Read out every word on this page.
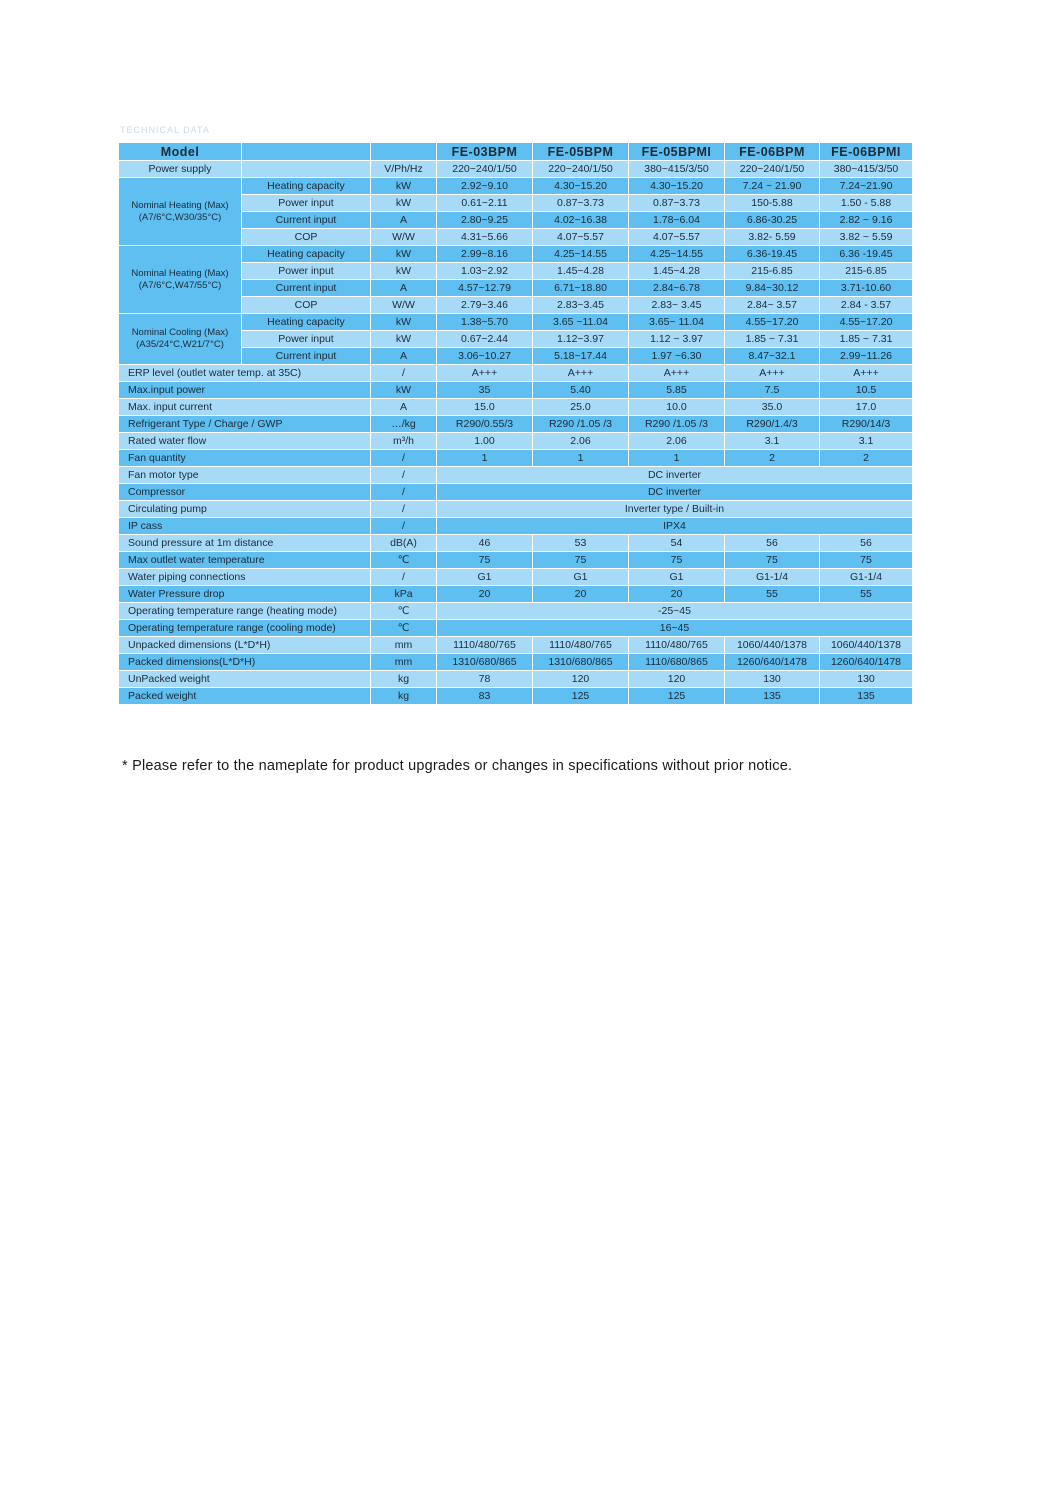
TECHNICAL DATA
Model			FE-03BPM	FE-05BPM	FE-05BPMI	FE-06BPM	FE-06BPMI
Power supply		V/Ph/Hz	220~240/1/50	220~240/1/50	380~415/3/50	220~240/1/50	380~415/3/50
Nominal Heating (Max) (A7/6°C,W30/35°C)	Heating capacity	kW	2.92~9.10	4.30~15.20	4.30~15.20	7.24 ~ 21.90	7.24~21.90
	Power input	kW	0.61~2.11	0.87~3.73	0.87~3.73	150-5.88	1.50 - 5.88
	Current input	A	2.80~9.25	4.02~16.38	1.78~6.04	6.86-30.25	2.82 ~ 9.16
	COP	W/W	4.31~5.66	4.07~5.57	4.07~5.57	3.82- 5.59	3.82 ~ 5.59
Nominal Heating (Max) (A7/6°C,W47/55°C)	Heating capacity	kW	2.99~8.16	4.25~14.55	4.25~14.55	6.36-19.45	6.36 -19.45
	Power input	kW	1.03~2.92	1.45~4.28	1.45~4.28	215-6.85	215-6.85
	Current input	A	4.57~12.79	6.71~18.80	2.84~6.78	9.84~30.12	3.71-10.60
	COP	W/W	2.79~3.46	2.83~3.45	2.83~ 3.45	2.84~ 3.57	2.84 - 3.57
Nominal Cooling (Max) (A35/24°C,W21/7°C)	Heating capacity	kW	1.38~5.70	3.65 ~11.04	3.65~ 11.04	4.55~17.20	4.55~17.20
	Power input	kW	0.67~2.44	1.12~3.97	1.12 ~ 3.97	1.85 ~ 7.31	1.85 ~ 7.31
	Current input	A	3.06~10.27	5.18~17.44	1.97 ~6.30	8.47~32.1	2.99~11.26
ERP level (outlet water temp. at 35C)		/	A+++	A+++	A+++	A+++	A+++
Max.input power		kW	35	5.40	5.85	7.5	10.5
Max. input current		A	15.0	25.0	10.0	35.0	17.0
Refrigerant Type / Charge / GWP		…/kg	R290/0.55/3	R290 /1.05 /3	R290 /1.05 /3	R290/1.4/3	R290/14/3
Rated water flow		m³/h	1.00	2.06	2.06	3.1	3.1
Fan quantity		/	1	1	1	2	2
Fan motor type		/	DC inverter				
Compressor		/	DC inverter				
Circulating pump		/	Inverter type / Built-in				
IP cass		/	IPX4				
Sound pressure at 1m distance		dB(A)	46	53	54	56	56
Max outlet water temperature		℃	75	75	75	75	75
Water piping connections		/	G1	G1	G1	G1-1/4	G1-1/4
Water Pressure drop		kPa	20	20	20	55	55
Operating temperature range (heating mode)		℃	-25~45				
Operating temperature range (cooling mode)		℃	16~45				
Unpacked dimensions (L*D*H)		mm	1110/480/765	1110/480/765	1110/480/765	1060/440/1378	1060/440/1378
Packed dimensions(L*D*H)		mm	1310/680/865	1310/680/865	1110/680/865	1260/640/1478	1260/640/1478
UnPacked weight		kg	78	120	120	130	130
Packed weight		kg	83	125	125	135	135
* Please refer to the nameplate for product upgrades or changes in specifications without prior notice.
